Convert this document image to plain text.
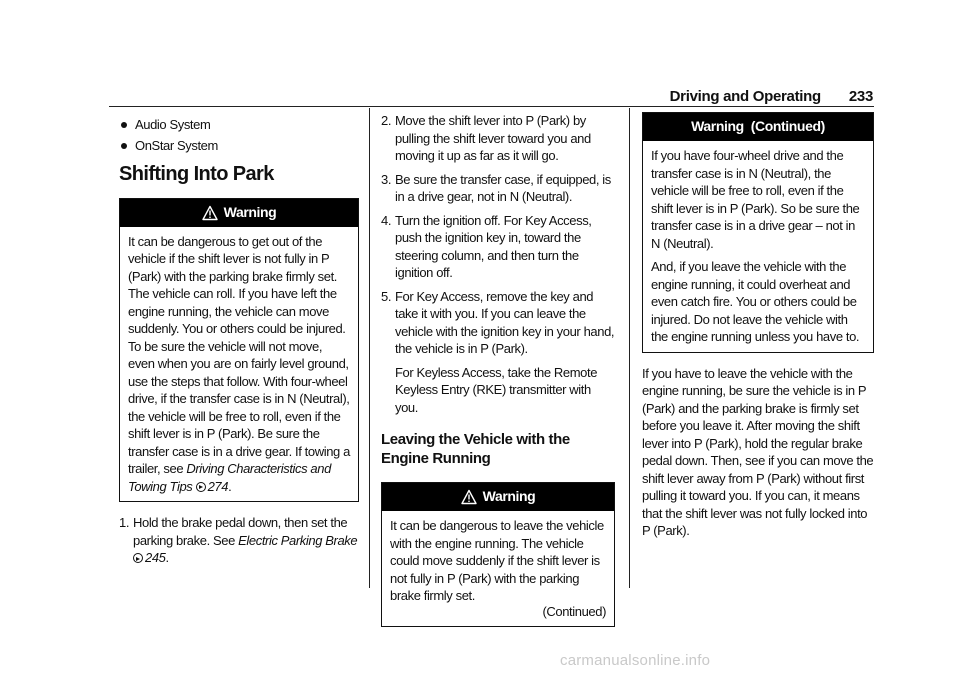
Driving and Operating 233
Audio System
OnStar System
Shifting Into Park
Warning

It can be dangerous to get out of the vehicle if the shift lever is not fully in P (Park) with the parking brake firmly set. The vehicle can roll. If you have left the engine running, the vehicle can move suddenly. You or others could be injured. To be sure the vehicle will not move, even when you are on fairly level ground, use the steps that follow. With four-wheel drive, if the transfer case is in N (Neutral), the vehicle will be free to roll, even if the shift lever is in P (Park). Be sure the transfer case is in a drive gear. If towing a trailer, see Driving Characteristics and Towing Tips 274.

1. Hold the brake pedal down, then set the parking brake. See Electric Parking Brake
245.
2. Move the shift lever into P (Park) by pulling the shift lever toward you and moving it up as far as it will go.
3. Be sure the transfer case, if equipped, is in a drive gear, not in N (Neutral).
4. Turn the ignition off. For Key Access, push the ignition key in, toward the steering column, and then turn the ignition off.
5. For Key Access, remove the key and take it with you. If you can leave the vehicle with the ignition key in your hand, the vehicle is in P (Park).
For Keyless Access, take the Remote Keyless Entry (RKE) transmitter with you.
Leaving the Vehicle with the Engine Running
Warning

It can be dangerous to leave the vehicle with the engine running. The vehicle could move suddenly if the shift lever is not fully in P (Park) with the parking brake firmly set.

(Continued)
Warning  (Continued)

If you have four-wheel drive and the transfer case is in N (Neutral), the vehicle will be free to roll, even if the shift lever is in P (Park). So be sure the transfer case is in a drive gear – not in N (Neutral).

And, if you leave the vehicle with the engine running, it could overheat and even catch fire. You or others could be injured. Do not leave the vehicle with the engine running unless you have to.

If you have to leave the vehicle with the engine running, be sure the vehicle is in P (Park) and the parking brake is firmly set before you leave it. After moving the shift lever into P (Park), hold the regular brake pedal down. Then, see if you can move the shift lever away from P (Park) without first pulling it toward you. If you can, it means that the shift lever was not fully locked into P (Park).

carmanualsonline.info
